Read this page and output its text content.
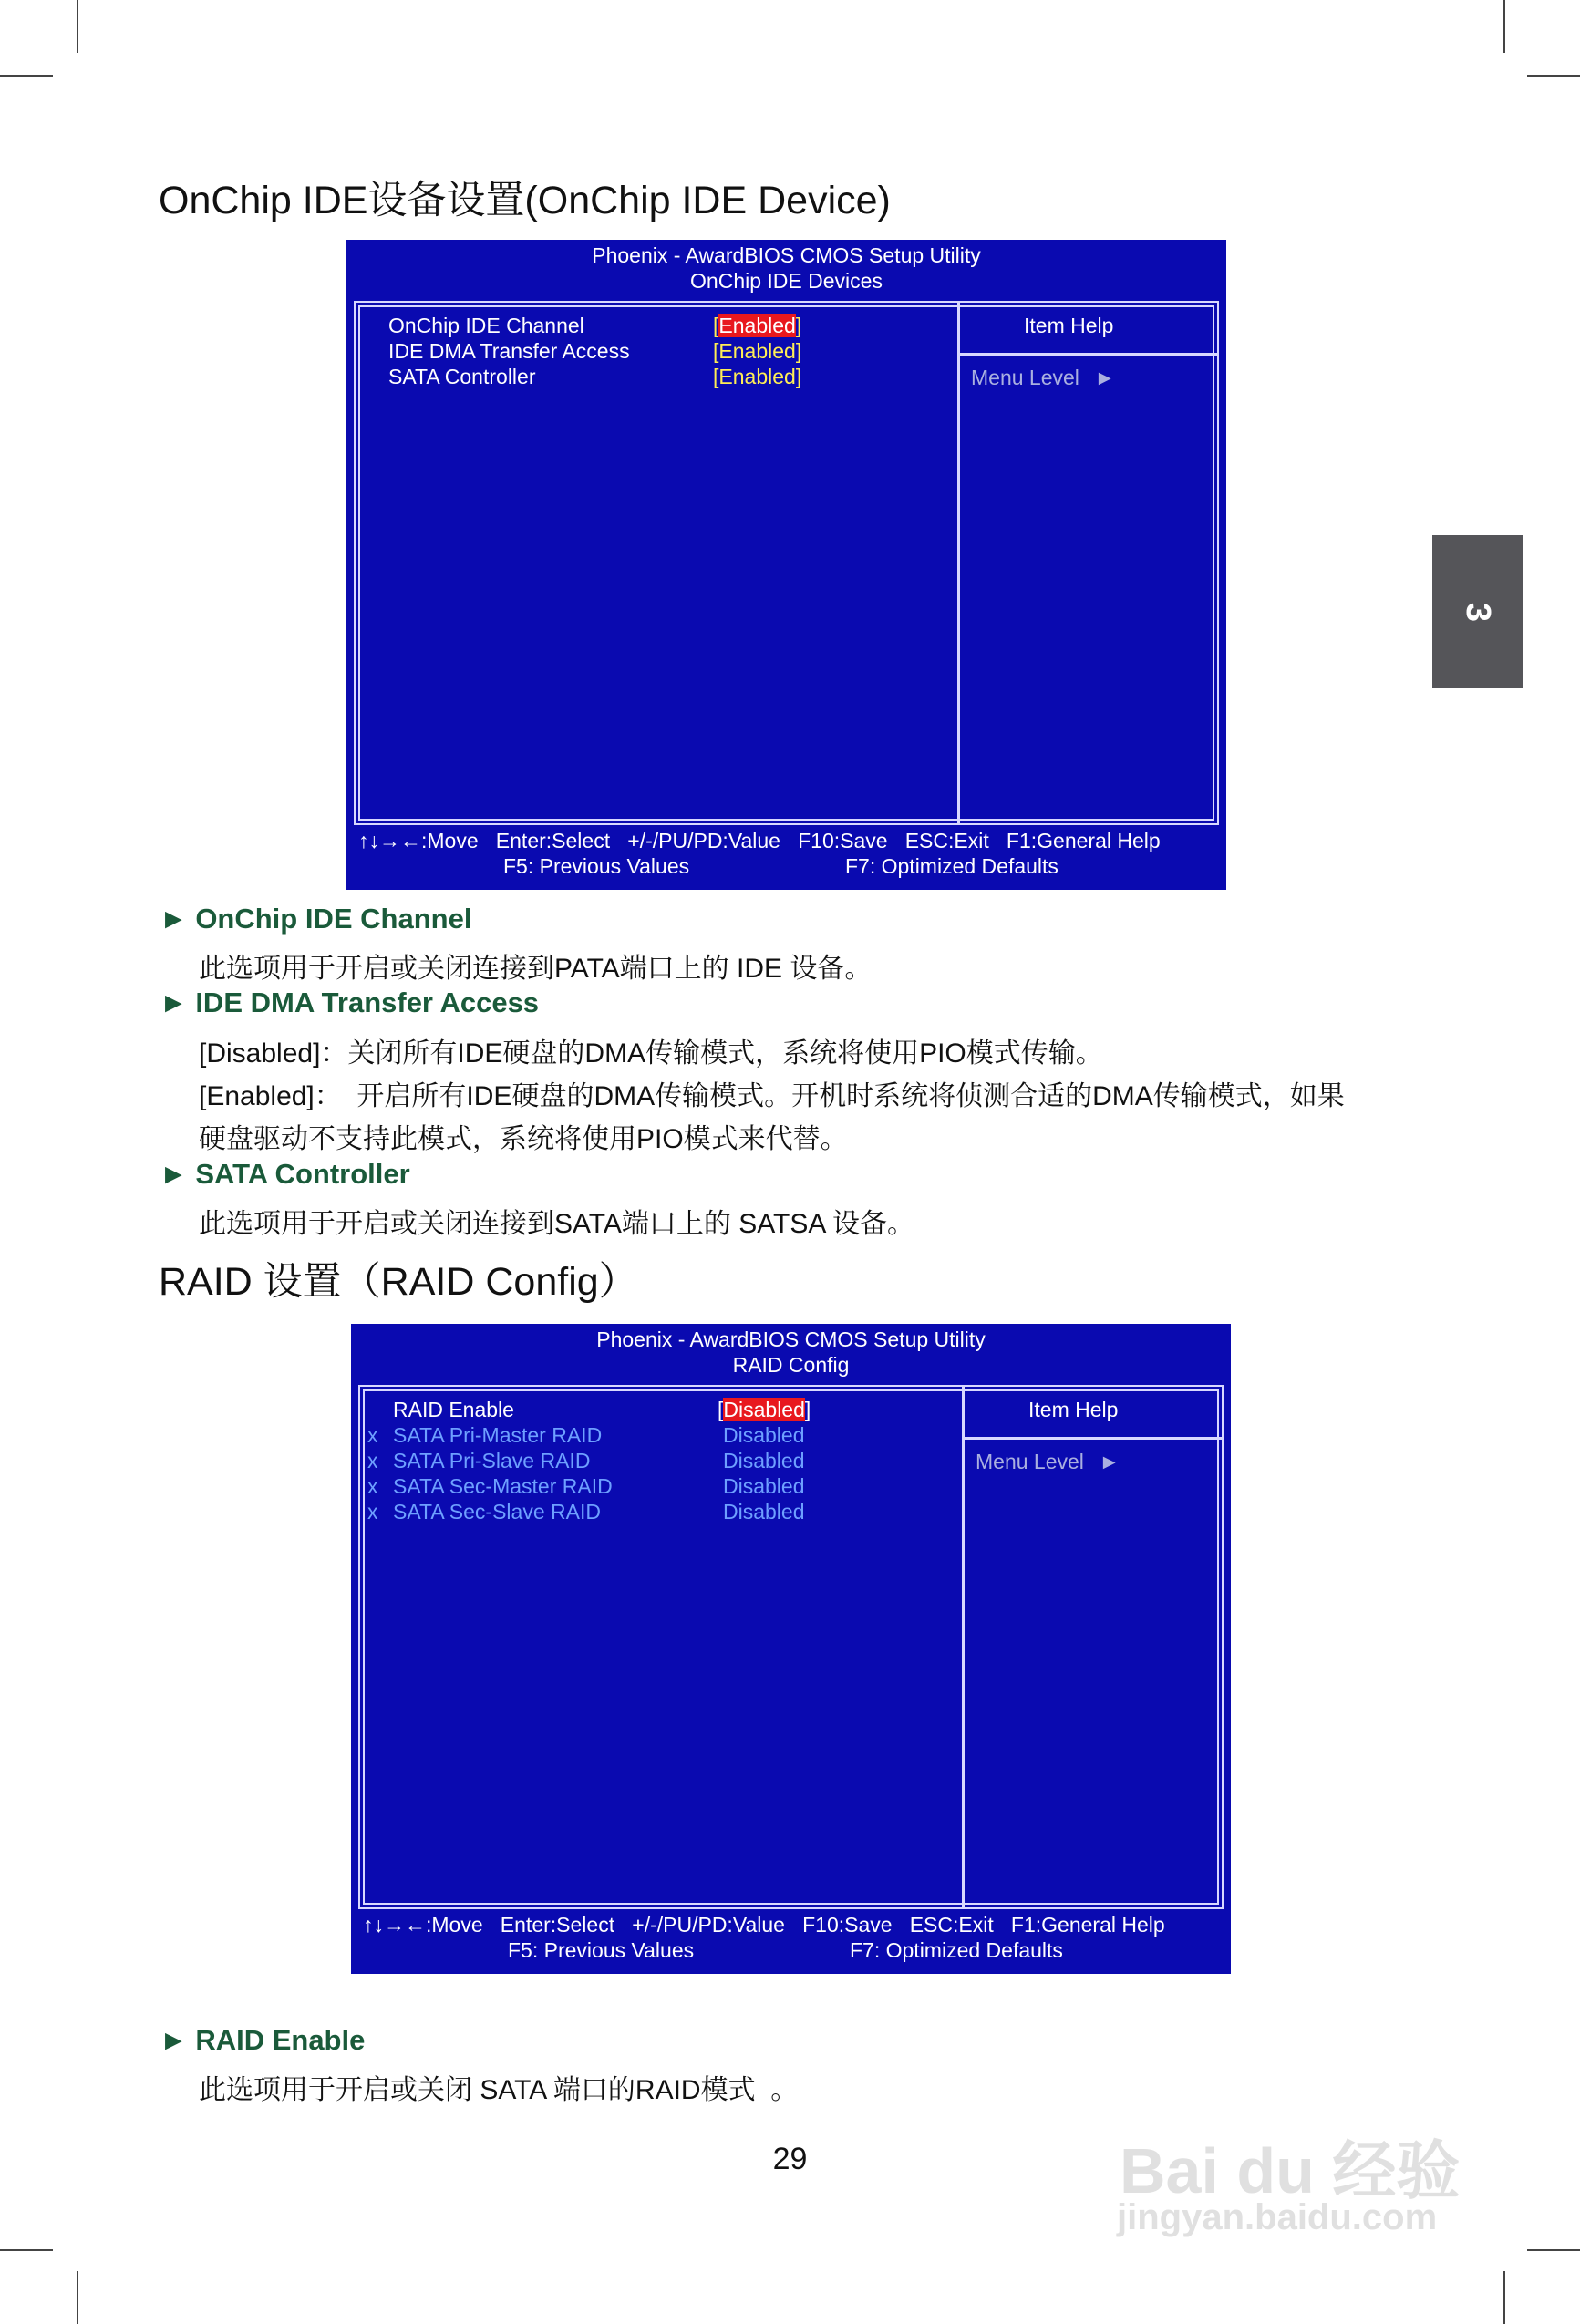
OnChip IDE设备设置(OnChip IDE Device)
Phoenix - AwardBIOS CMOS Setup Utility
OnChip IDE Devices
Item Help
Menu Level ►
OnChip IDE Channel	[Enabled]
IDE DMA Transfer Access	[Enabled]
SATA Controller	[Enabled]
↑↓→←:Move   Enter:Select   +/-/PU/PD:Value   F10:Save   ESC:Exit   F1:General Help
F5: Previous Values	F7: Optimized Defaults
► OnChip IDE Channel
此选项用于开启或关闭连接到PATA端口上的 IDE 设备。
► IDE DMA Transfer Access
[Disabled]：关闭所有IDE硬盘的DMA传输模式，系统将使用PIO模式传输。
[Enabled]：  开启所有IDE硬盘的DMA传输模式。开机时系统将侦测合适的DMA传输模式，如果
硬盘驱动不支持此模式，系统将使用PIO模式来代替。
► SATA Controller
此选项用于开启或关闭连接到SATA端口上的 SATSA 设备。
RAID 设置（RAID Config）
Phoenix - AwardBIOS CMOS Setup Utility
RAID Config
Item Help
Menu Level ►
RAID Enable	[Disabled]
x SATA Pri-Master RAID	Disabled
x SATA Pri-Slave RAID	Disabled
x SATA Sec-Master RAID	Disabled
x SATA Sec-Slave RAID	Disabled
↑↓→←:Move   Enter:Select   +/-/PU/PD:Value   F10:Save   ESC:Exit   F1:General Help
F5: Previous Values	F7: Optimized Defaults
► RAID Enable
此选项用于开启或关闭 SATA 端口的RAID模式  。
3
29	Bai du 经验
jingyan.baidu.com
